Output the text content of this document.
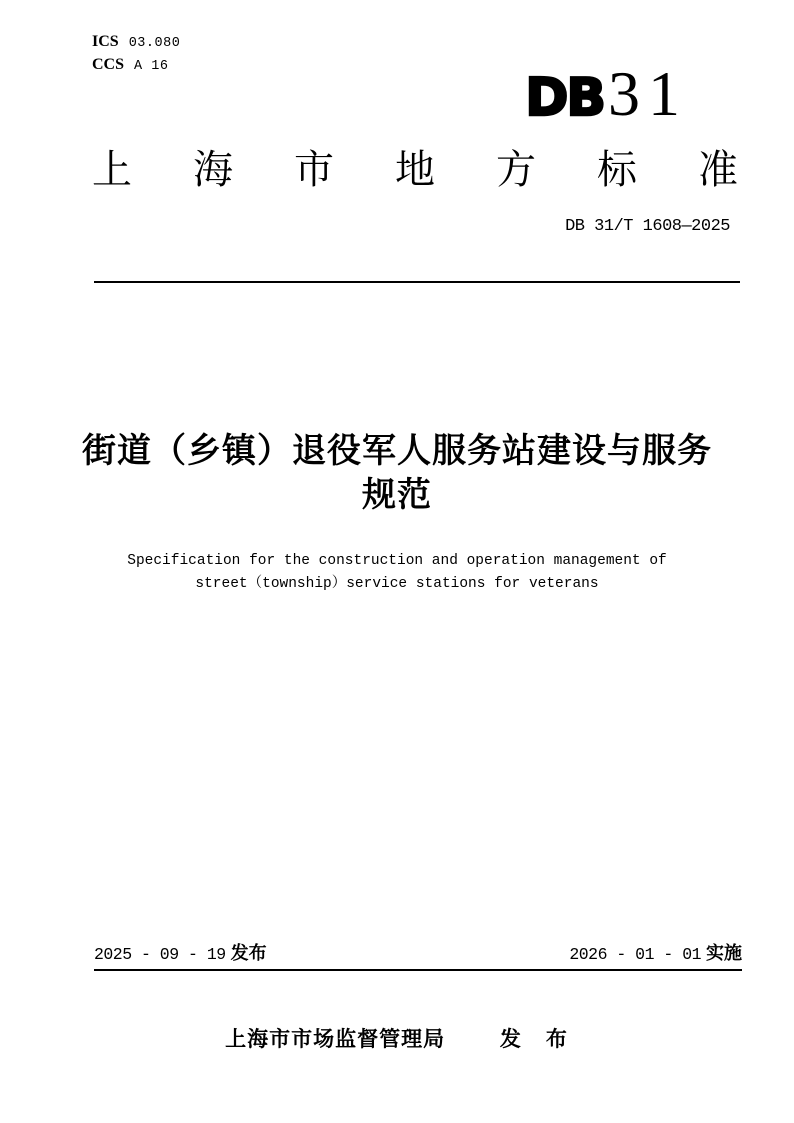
ICS 03.080
CCS A 16
DB 31
上海市地方标准
DB 31/T 1608—2025
街道（乡镇）退役军人服务站建设与服务
规范
Specification for the construction and operation management of
street（township）service stations for veterans
2025 - 09 - 19 发布	2026 - 01 - 01 实施
上海市市场监督管理局	发　布
